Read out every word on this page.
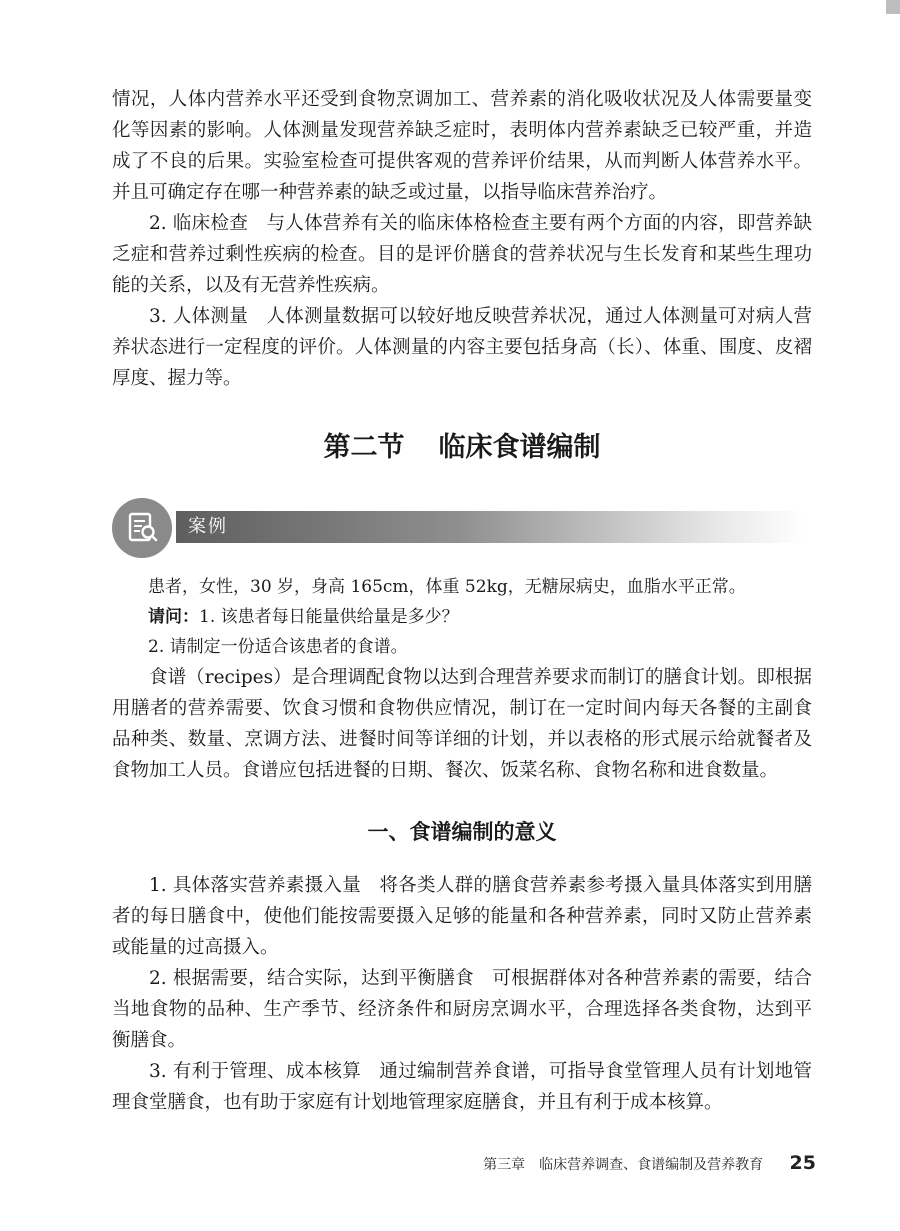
情况，人体内营养水平还受到食物烹调加工、营养素的消化吸收状况及人体需要量变化等因素的影响。人体测量发现营养缺乏症时，表明体内营养素缺乏已较严重，并造成了不良的后果。实验室检查可提供客观的营养评价结果，从而判断人体营养水平。并且可确定存在哪一种营养素的缺乏或过量，以指导临床营养治疗。

2. 临床检查 与人体营养有关的临床体格检查主要有两个方面的内容，即营养缺乏症和营养过剩性疾病的检查。目的是评价膳食的营养状况与生长发育和某些生理功能的关系，以及有无营养性疾病。

3. 人体测量 人体测量数据可以较好地反映营养状况，通过人体测量可对病人营养状态进行一定程度的评价。人体测量的内容主要包括身高（长）、体重、围度、皮褶厚度、握力等。

第二节 临床食谱编制
案例
患者，女性，30 岁，身高 165cm，体重 52kg，无糖尿病史，血脂水平正常。
请问：1. 该患者每日能量供给量是多少？
2. 请制定一份适合该患者的食谱。

食谱（recipes）是合理调配食物以达到合理营养要求而制订的膳食计划。即根据用膳者的营养需要、饮食习惯和食物供应情况，制订在一定时间内每天各餐的主副食品种类、数量、烹调方法、进餐时间等详细的计划，并以表格的形式展示给就餐者及食物加工人员。食谱应包括进餐的日期、餐次、饭菜名称、食物名称和进食数量。

一、食谱编制的意义

1. 具体落实营养素摄入量 将各类人群的膳食营养素参考摄入量具体落实到用膳者的每日膳食中，使他们能按需要摄入足够的能量和各种营养素，同时又防止营养素或能量的过高摄入。

2. 根据需要，结合实际，达到平衡膳食 可根据群体对各种营养素的需要，结合当地食物的品种、生产季节、经济条件和厨房烹调水平，合理选择各类食物，达到平衡膳食。

3. 有利于管理、成本核算 通过编制营养食谱，可指导食堂管理人员有计划地管理食堂膳食，也有助于家庭有计划地管理家庭膳食，并且有利于成本核算。

第三章 临床营养调查、食谱编制及营养教育 25
